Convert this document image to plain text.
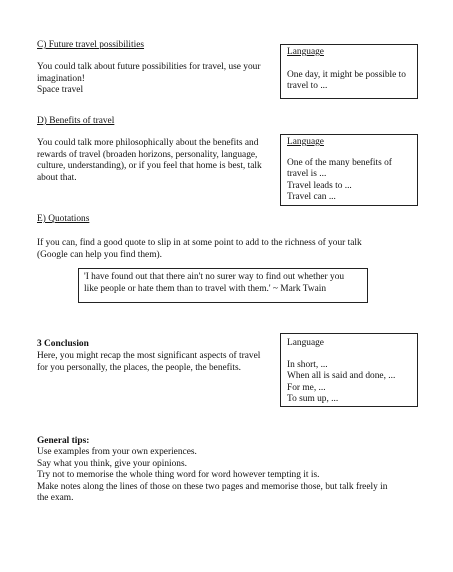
C) Future travel possibilities
You could talk about future possibilities for travel, use your
imagination!
Space travel
Language
One day, it might be possible to
travel to ...
D) Benefits of travel
You could talk more philosophically about the benefits and
rewards of travel (broaden horizons, personality, language,
culture, understanding), or if you feel that home is best, talk
about that.
Language
One of the many benefits of
travel is ...
Travel leads to ...
Travel can ...
E) Quotations
If you can, find a good quote to slip in at some point to add to the richness of your talk
(Google can help you find them).
'I have found out that there ain't no surer way to find out whether you
like people or hate them than to travel with them.' ~ Mark Twain
3 Conclusion
Here, you might recap the most significant aspects of travel
for you personally, the places, the people, the benefits.
Language
In short, ...
When all is said and done, ...
For me, ...
To sum up, ...
General tips:
Use examples from your own experiences.
Say what you think, give your opinions.
Try not to memorise the whole thing word for word however tempting it is.
Make notes along the lines of those on these two pages and memorise those, but talk freely in
the exam.
